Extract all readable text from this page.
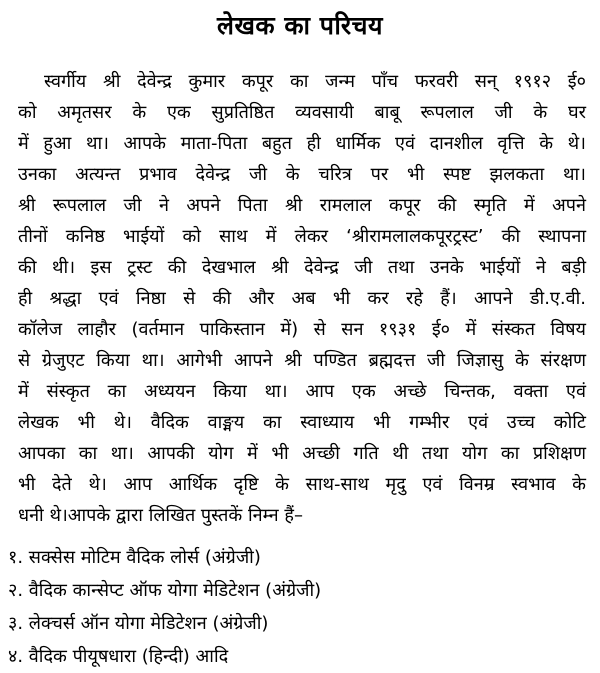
लेखक का परिचय
स्वर्गीय श्री देवेन्द्र कुमार कपूर का जन्म पाँच फरवरी सन् १९१२ ई०
को अमृतसर के एक सुप्रतिष्ठित व्यवसायी बाबू रूपलाल जी के घर
में हुआ था। आपके माता-पिता बहुत ही धार्मिक एवं दानशील वृत्ति के थे।
उनका अत्यन्त प्रभाव देवेन्द्र जी के चरित्र पर भी स्पष्ट झलकता था।
श्री रूपलाल जी ने अपने पिता श्री रामलाल कपूर की स्मृति में अपने
तीनों कनिष्ठ भाईयों को साथ में लेकर ‘श्रीरामलालकपूरट्रस्ट’ की स्थापना
की थी। इस ट्रस्ट की देखभाल श्री देवेन्द्र जी तथा उनके भाईयों ने बड़ी
ही श्रद्धा एवं निष्ठा से की और अब भी कर रहे हैं। आपने डी.ए.वी.
कॉलेज लाहौर (वर्तमान पाकिस्तान में) से सन १९३१ ई० में संस्कत विषय
से ग्रेजुएट किया था। आगेभी आपने श्री पण्डित ब्रह्मदत्त जी जिज्ञासु के संरक्षण
में संस्कृत का अध्ययन किया था। आप एक अच्छे चिन्तक, वक्ता एवं
लेखक भी थे। वैदिक वाङ्मय का स्वाध्याय भी गम्भीर एवं उच्च कोटि
आपका का था। आपकी योग में भी अच्छी गति थी तथा योग का प्रशिक्षण
भी देते थे। आप आर्थिक दृष्टि के साथ-साथ मृदु एवं विनम्र स्वभाव के
धनी थे।आपके द्वारा लिखित पुस्तकें निम्न हैं–
१. सक्सेस मोटिम वैदिक लोर्स (अंग्रेजी)
२. वैदिक कान्सेप्ट ऑफ योगा मेडिटेशन (अंग्रेजी)
३. लेक्चर्स ऑन योगा मेडिटेशन (अंग्रेजी)
४. वैदिक पीयूषधारा (हिन्दी) आदि
